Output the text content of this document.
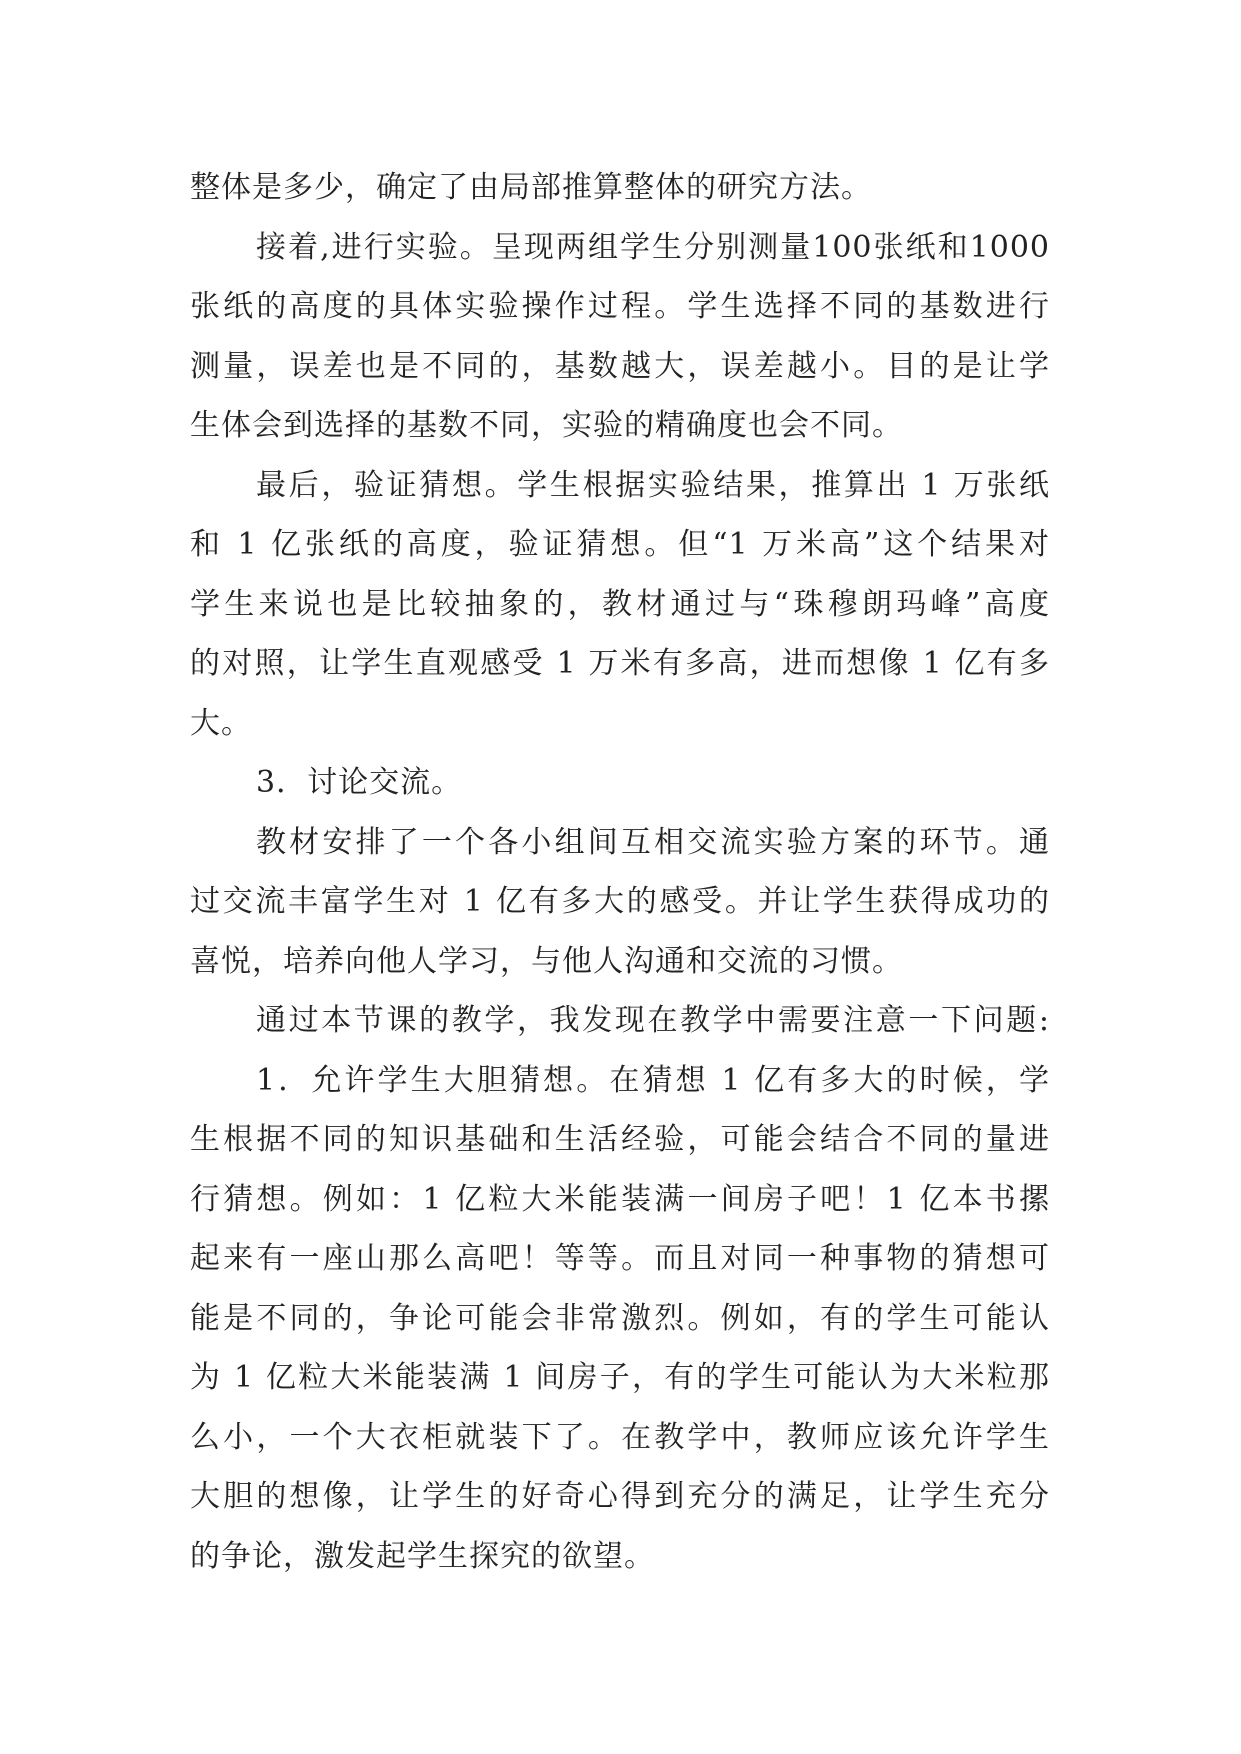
整体是多少，确定了由局部推算整体的研究方法。
接着,进行实验。呈现两组学生分别测量100张纸和1000
张纸的高度的具体实验操作过程。学生选择不同的基数进行
测量，误差也是不同的，基数越大，误差越小。目的是让学
生体会到选择的基数不同，实验的精确度也会不同。
最后，验证猜想。学生根据实验结果，推算出 1 万张纸
和 1 亿张纸的高度，验证猜想。但“1 万米高”这个结果对
学生来说也是比较抽象的，教材通过与“珠穆朗玛峰”高度
的对照，让学生直观感受 1 万米有多高，进而想像 1 亿有多
大。
3．讨论交流。
教材安排了一个各小组间互相交流实验方案的环节。通
过交流丰富学生对 1 亿有多大的感受。并让学生获得成功的
喜悦，培养向他人学习，与他人沟通和交流的习惯。
通过本节课的教学，我发现在教学中需要注意一下问题:
1．允许学生大胆猜想。在猜想 1 亿有多大的时候，学
生根据不同的知识基础和生活经验，可能会结合不同的量进
行猜想。例如：1 亿粒大米能装满一间房子吧！1 亿本书摞
起来有一座山那么高吧！等等。而且对同一种事物的猜想可
能是不同的，争论可能会非常激烈。例如，有的学生可能认
为 1 亿粒大米能装满 1 间房子，有的学生可能认为大米粒那
么小，一个大衣柜就装下了。在教学中，教师应该允许学生
大胆的想像，让学生的好奇心得到充分的满足，让学生充分
的争论，激发起学生探究的欲望。
